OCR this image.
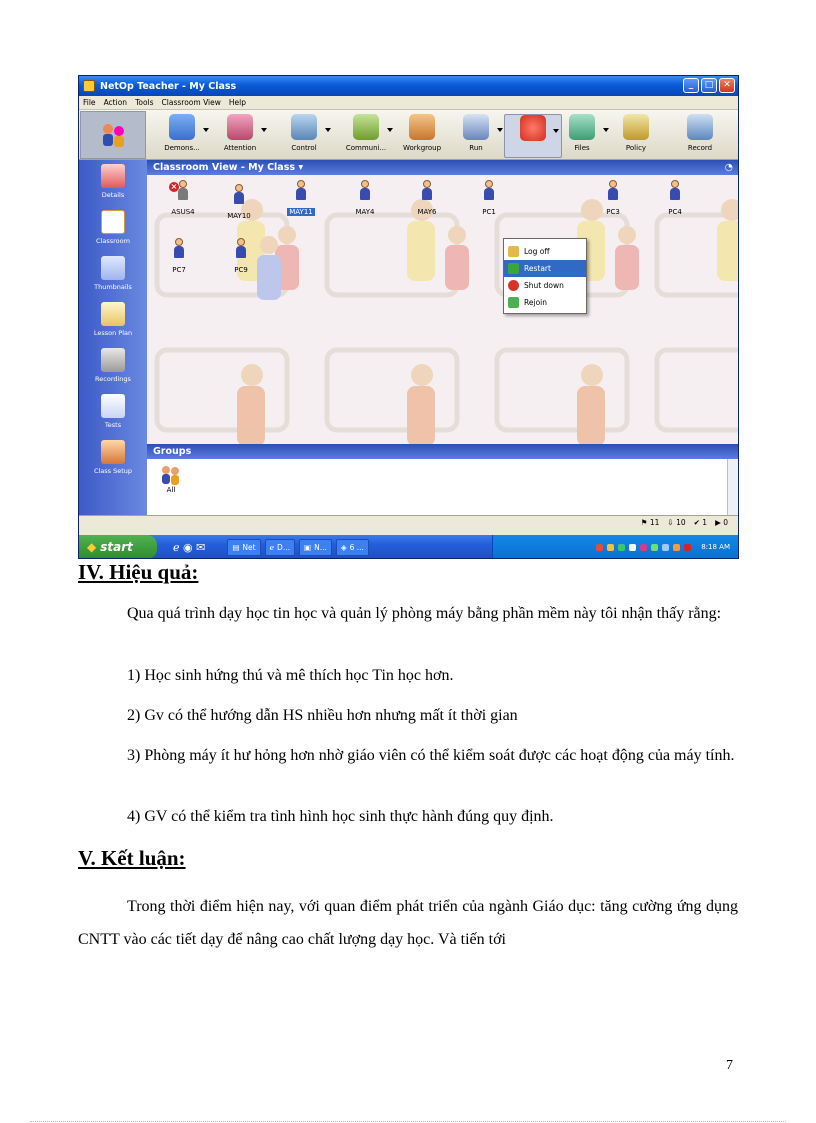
NetOp Teacher - My Class	_	□	✕
File Action Tools Classroom View Help
Demons...	Attention	Control	Communi... Workgroup	Run	Files	Policy	Record
Details
Classroom
Thumbnails
Lesson Plan
Recordings
Tests
Class Setup
Classroom View - My Class ▾	◔
×
ASUS4	MAY10	MAY11	MAY4	MAY6	PC1	PC3	PC4
PC7	PC9
Log off
Restart
Shut down
Rejoin
Groups
All
⚑ 11 ⇩ 10 ✔ 1 ▶ 0
◆ start	ℯ ◉ ✉	▤ Net ℯ D... ▣ N... ◈ 6 ...	8:18 AM
IV. Hiệu quả:
Qua quá trình dạy học tin học và quản lý phòng máy bằng phần mềm này tôi nhận thấy rằng:
1) Học sinh hứng thú và mê thích học Tin học hơn.
2) Gv có thể hướng dẫn HS nhiều hơn nhưng mất ít thời gian
3) Phòng máy ít hư hỏng hơn nhờ giáo viên có thể kiểm soát được các hoạt động của máy tính.
4) GV có thể kiểm tra tình hình học sinh thực hành đúng quy định.
V. Kết luận:
Trong thời điểm hiện nay, với quan điểm phát triển của ngành Giáo dục: tăng cường ứng dụng CNTT vào các tiết dạy để nâng cao chất lượng dạy học. Và tiến tới
7
